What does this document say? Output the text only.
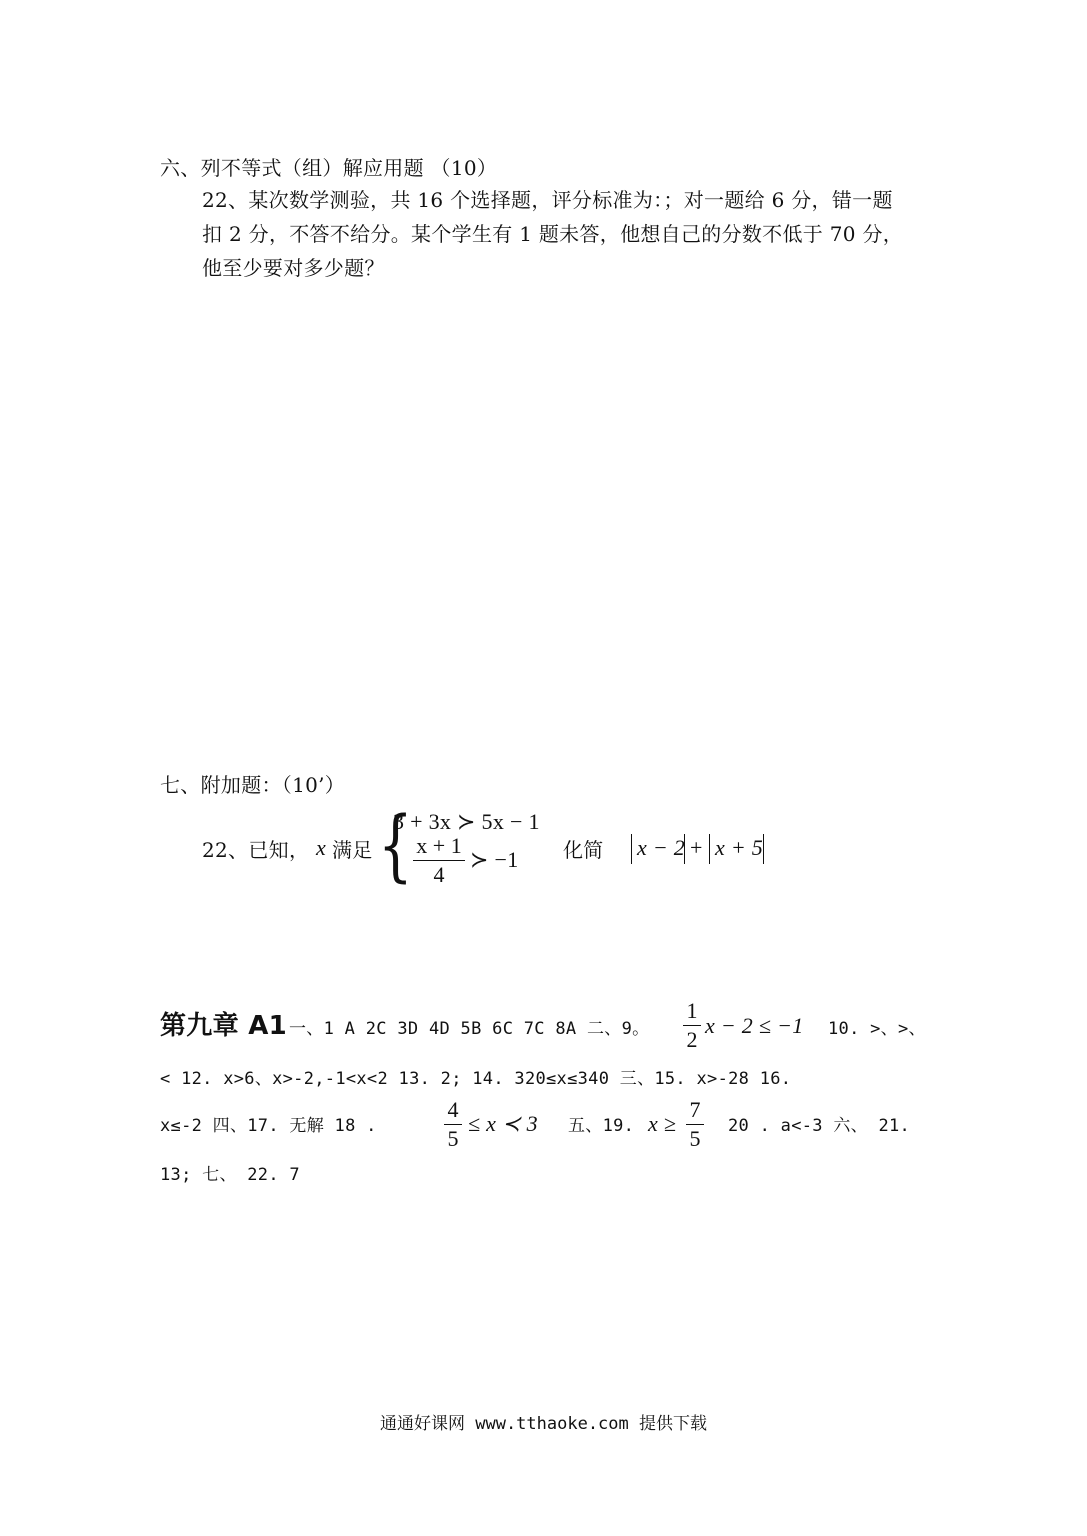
六、列不等式（组）解应用题 （10）
22、某次数学测验，共 16 个选择题，评分标准为：；对一题给 6 分，错一题
扣 2 分，不答不给分。某个学生有 1 题未答，他想自己的分数不低于 70 分，
他至少要对多少题？
七、附加题：（10’）
22、已知， x 满足 {
3 + 3x ≻ 5x − 1
x + 1
4
≻ −1 化简 x − 2 + x + 5
第九章 A1 一、1 A 2C 3D 4D 5B 6C 7C 8A 二、9。
1
2
x − 2 ≤ −1 10. >、>、
< 12. x>6、x>-2,-1<x<2 13. 2; 14. 320≤x≤340 三、15. x>-28 16.
x≤-2 四、17. 无解 18 .
4
5
≤ x ≺ 3 五、19. x ≥
7
5 20 . a<-3 六、 21.
13; 七、 22. 7
通通好课网 www.tthaoke.com 提供下载
